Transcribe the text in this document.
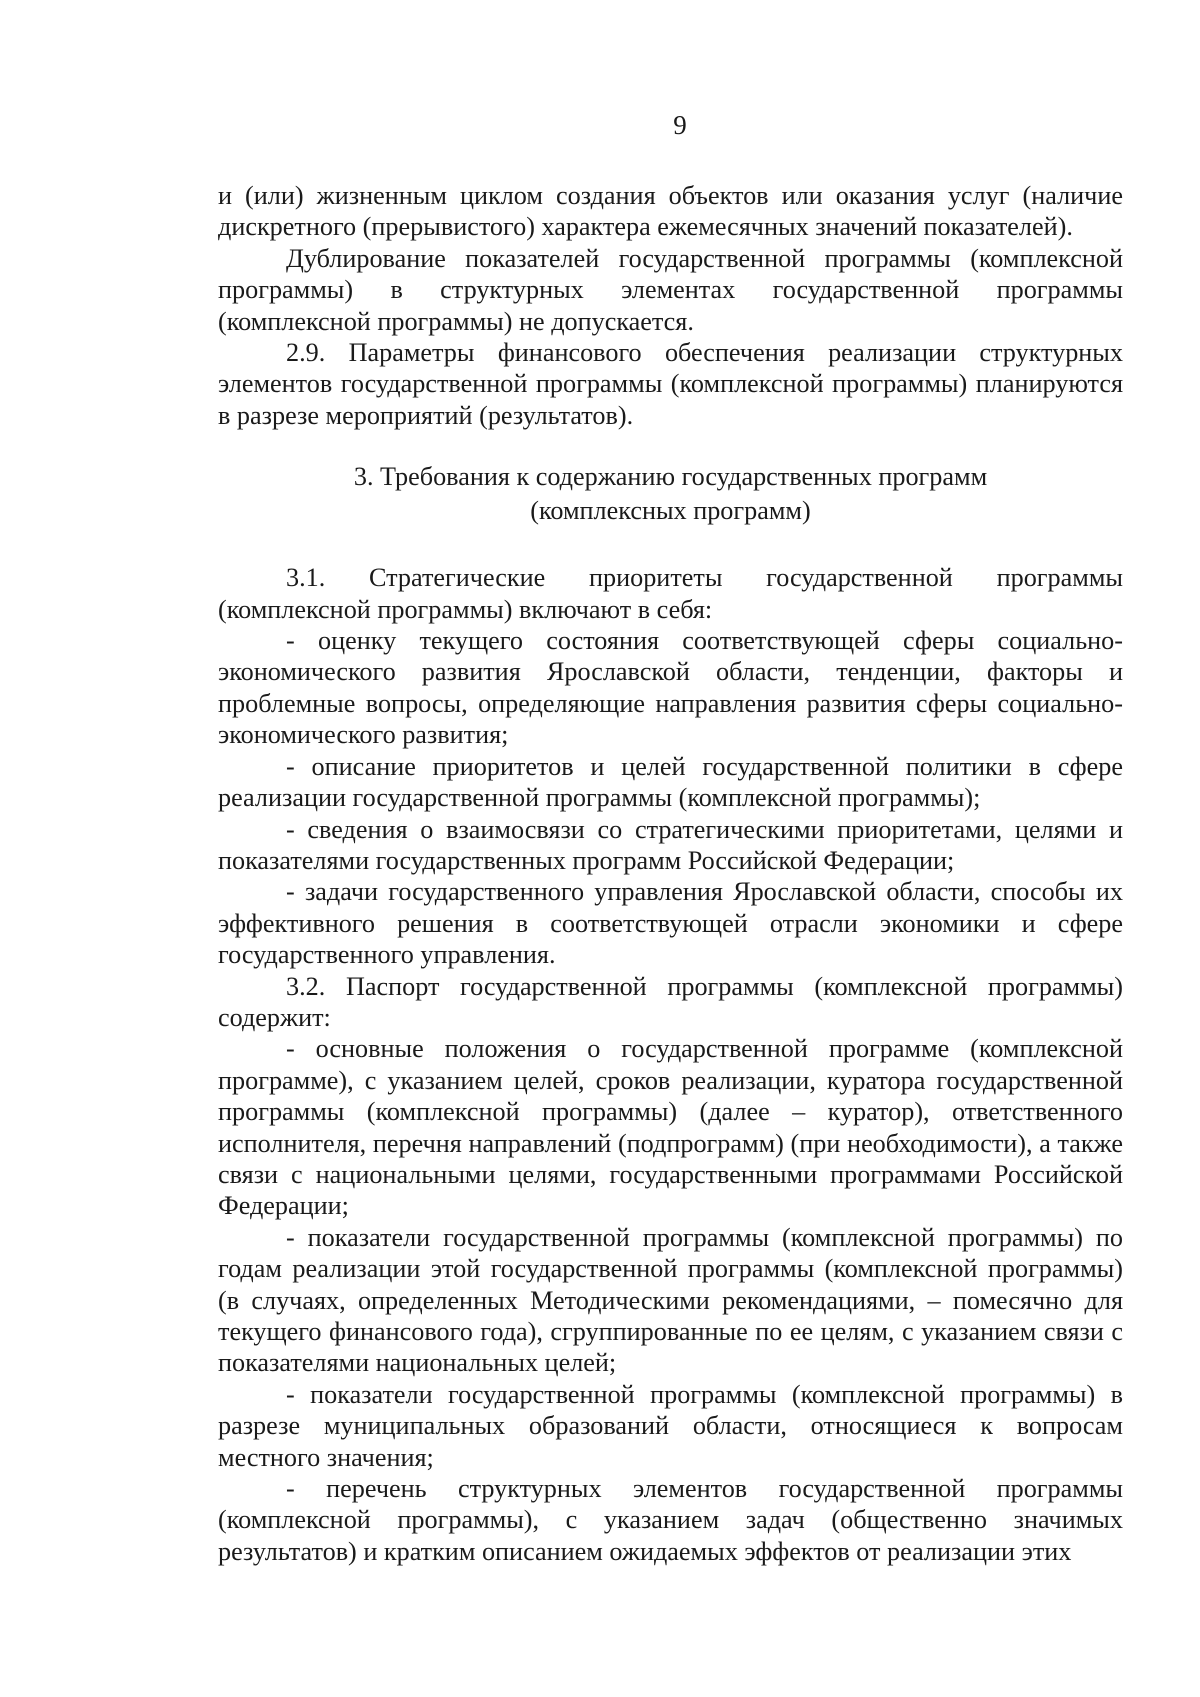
9

и (или) жизненным циклом создания объектов или оказания услуг (наличие дискретного (прерывистого) характера ежемесячных значений показателей).

Дублирование показателей государственной программы (комплексной программы) в структурных элементах государственной программы (комплексной программы) не допускается.

2.9. Параметры финансового обеспечения реализации структурных элементов государственной программы (комплексной программы) планируются в разрезе мероприятий (результатов).

3. Требования к содержанию государственных программ
(комплексных программ)

3.1. Стратегические приоритеты государственной программы (комплексной программы) включают в себя:

- оценку текущего состояния соответствующей сферы социально-экономического развития Ярославской области, тенденции, факторы и проблемные вопросы, определяющие направления развития сферы социально-экономического развития;

- описание приоритетов и целей государственной политики в сфере реализации государственной программы (комплексной программы);

- сведения о взаимосвязи со стратегическими приоритетами, целями и показателями государственных программ Российской Федерации;

- задачи государственного управления Ярославской области, способы их эффективного решения в соответствующей отрасли экономики и сфере государственного управления.

3.2. Паспорт государственной программы (комплексной программы) содержит:

- основные положения о государственной программе (комплексной программе), с указанием целей, сроков реализации, куратора государственной программы (комплексной программы) (далее – куратор), ответственного исполнителя, перечня направлений (подпрограмм) (при необходимости), а также связи с национальными целями, государственными программами Российской Федерации;

- показатели государственной программы (комплексной программы) по годам реализации этой государственной программы (комплексной программы) (в случаях, определенных Методическими рекомендациями, – помесячно для текущего финансового года), сгруппированные по ее целям, с указанием связи с показателями национальных целей;

- показатели государственной программы (комплексной программы) в разрезе муниципальных образований области, относящиеся к вопросам местного значения;

- перечень структурных элементов государственной программы (комплексной программы), с указанием задач (общественно значимых результатов) и кратким описанием ожидаемых эффектов от реализации этих
